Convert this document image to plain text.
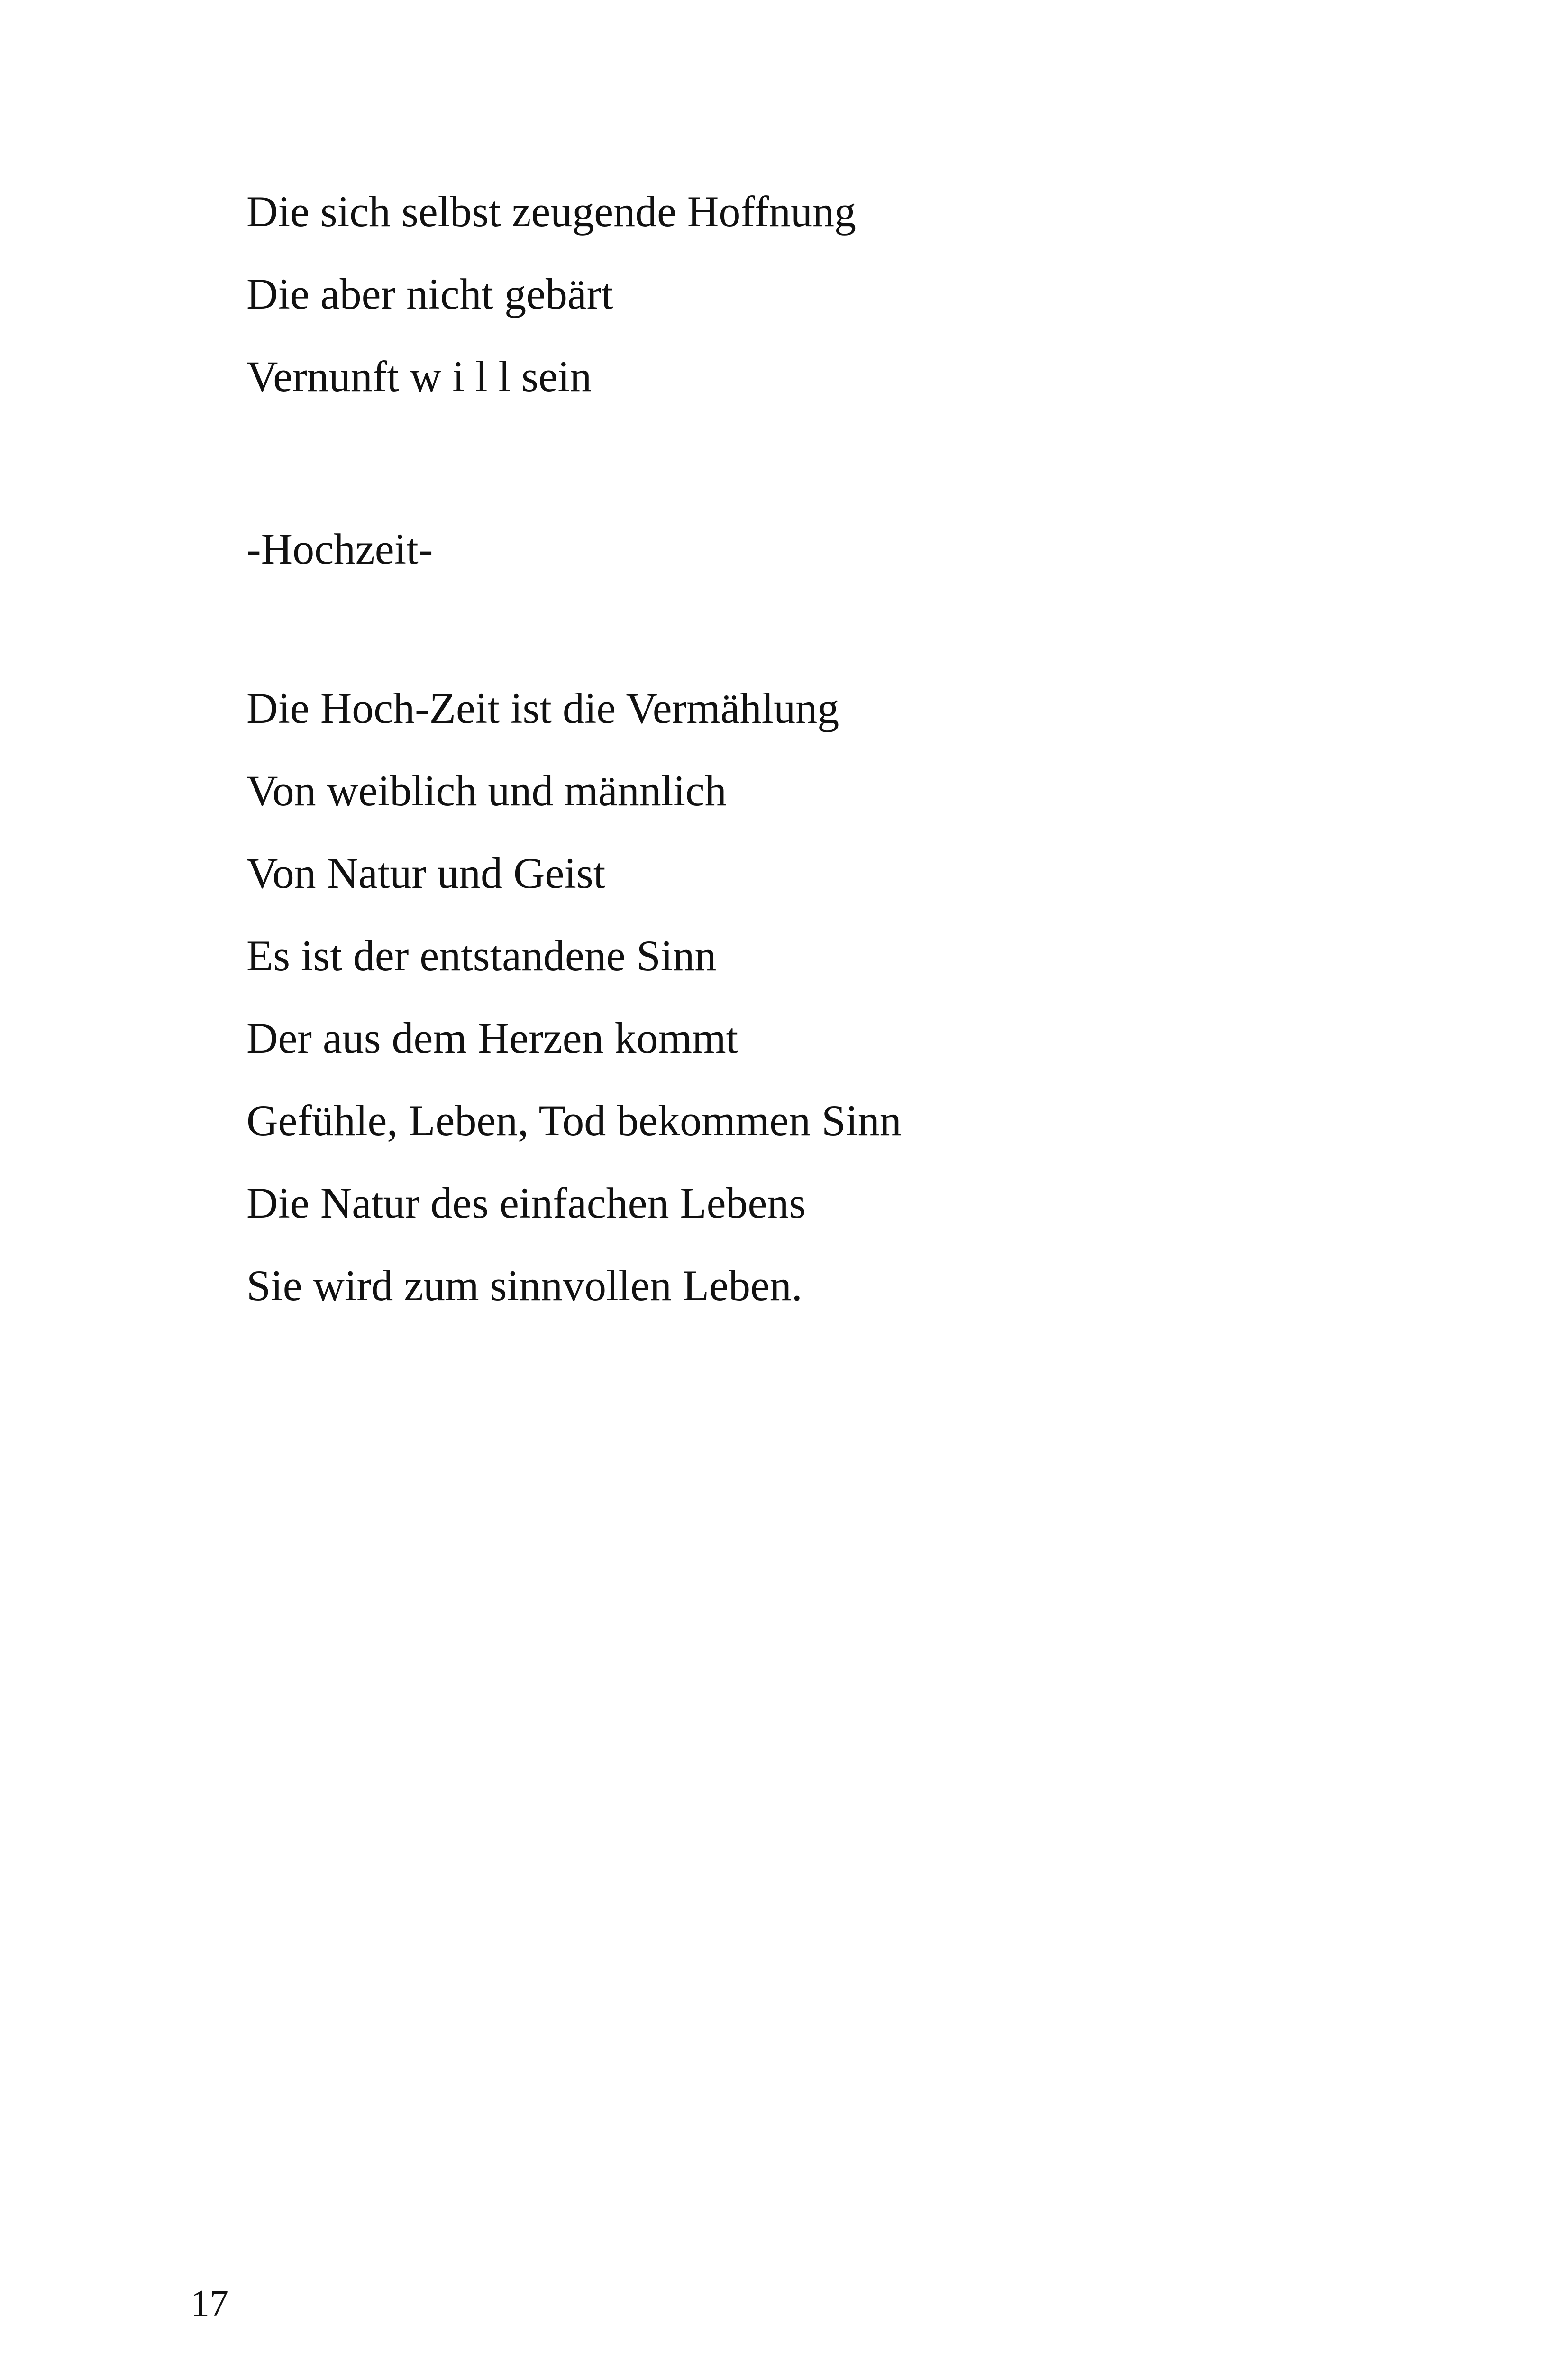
Die sich selbst zeugende Hoffnung
Die aber nicht gebärt
Vernunft w i l l sein
-Hochzeit-
Die Hoch-Zeit ist die Vermählung
Von weiblich und männlich
Von Natur und Geist
Es ist der entstandene Sinn
Der aus dem Herzen kommt
Gefühle, Leben, Tod bekommen Sinn
Die Natur des einfachen Lebens
Sie wird zum sinnvollen Leben.
17
